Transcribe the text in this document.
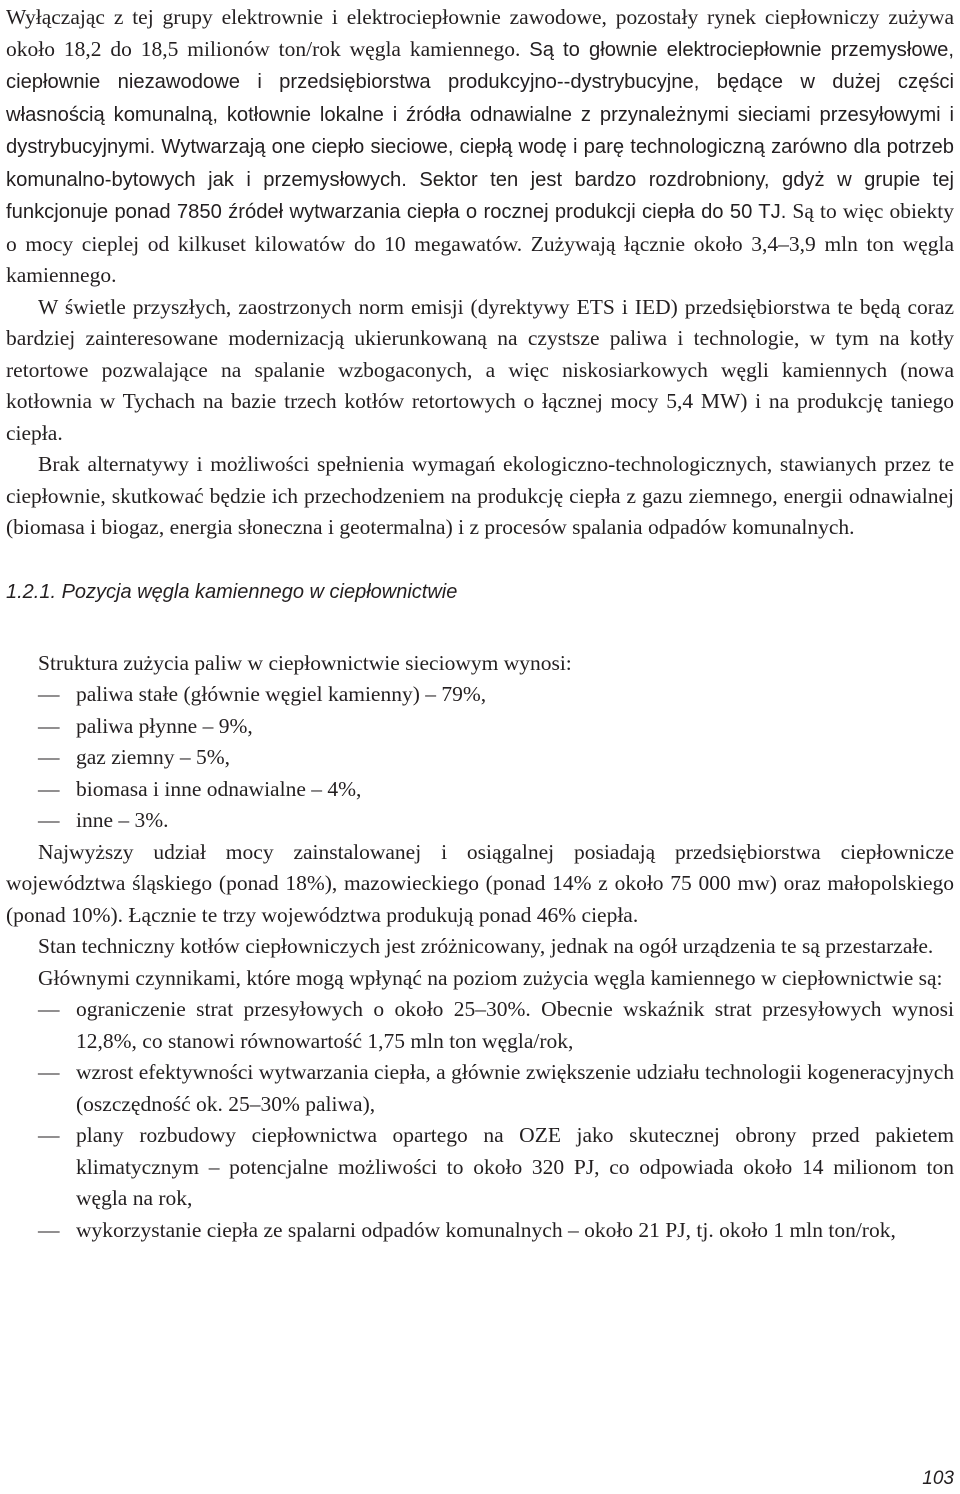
Wyłączając z tej grupy elektrownie i elektrociepłownie zawodowe, pozostały rynek ciepłowniczy zużywa około 18,2 do 18,5 milionów ton/rok węgla kamiennego. Są to głownie elektrociepłownie przemysłowe, ciepłownie niezawodowe i przedsiębiorstwa produkcyjno--dystrybucyjne, będące w dużej części własnością komunalną, kotłownie lokalne i źródła odnawialne z przynależnymi sieciami przesyłowymi i dystrybucyjnymi. Wytwarzają one ciepło sieciowe, ciepłą wodę i parę technologiczną zarówno dla potrzeb komunalno-bytowych jak i przemysłowych. Sektor ten jest bardzo rozdrobniony, gdyż w grupie tej funkcjonuje ponad 7850 źródeł wytwarzania ciepła o rocznej produkcji ciepła do 50 TJ. Są to więc obiekty o mocy cieplej od kilkuset kilowatów do 10 megawatów. Zużywają łącznie około 3,4–3,9 mln ton węgla kamiennego.

W świetle przyszłych, zaostrzonych norm emisji (dyrektywy ETS i IED) przedsiębiorstwa te będą coraz bardziej zainteresowane modernizacją ukierunkowaną na czystsze paliwa i technologie, w tym na kotły retortowe pozwalające na spalanie wzbogaconych, a więc niskosiarkowych węgli kamiennych (nowa kotłownia w Tychach na bazie trzech kotłów retortowych o łącznej mocy 5,4 MW) i na produkcję taniego ciepła.

Brak alternatywy i możliwości spełnienia wymagań ekologiczno-technologicznych, stawianych przez te ciepłownie, skutkować będzie ich przechodzeniem na produkcję ciepła z gazu ziemnego, energii odnawialnej (biomasa i biogaz, energia słoneczna i geotermalna) i z procesów spalania odpadów komunalnych.

1.2.1. Pozycja węgla kamiennego w ciepłownictwie

Struktura zużycia paliw w ciepłownictwie sieciowym wynosi:

— paliwa stałe (głównie węgiel kamienny) – 79%,
— paliwa płynne – 9%,
— gaz ziemny – 5%,
— biomasa i inne odnawialne – 4%,
— inne – 3%.

Najwyższy udział mocy zainstalowanej i osiągalnej posiadają przedsiębiorstwa ciepłownicze województwa śląskiego (ponad 18%), mazowieckiego (ponad 14% z około 75 000 mw) oraz małopolskiego (ponad 10%). Łącznie te trzy województwa produkują ponad 46% ciepła.

Stan techniczny kotłów ciepłowniczych jest zróżnicowany, jednak na ogół urządzenia te są przestarzałe.

Głównymi czynnikami, które mogą wpłynąć na poziom zużycia węgla kamiennego w ciepłownictwie są:

— ograniczenie strat przesyłowych o około 25–30%. Obecnie wskaźnik strat przesyłowych wynosi 12,8%, co stanowi równowartość 1,75 mln ton węgla/rok,
— wzrost efektywności wytwarzania ciepła, a głównie zwiększenie udziału technologii kogeneracyjnych (oszczędność ok. 25–30% paliwa),
— plany rozbudowy ciepłownictwa opartego na OZE jako skutecznej obrony przed pakietem klimatycznym – potencjalne możliwości to około 320 PJ, co odpowiada około 14 milionom ton węgla na rok,
— wykorzystanie ciepła ze spalarni odpadów komunalnych – około 21 PJ, tj. około 1 mln ton/rok,
103
